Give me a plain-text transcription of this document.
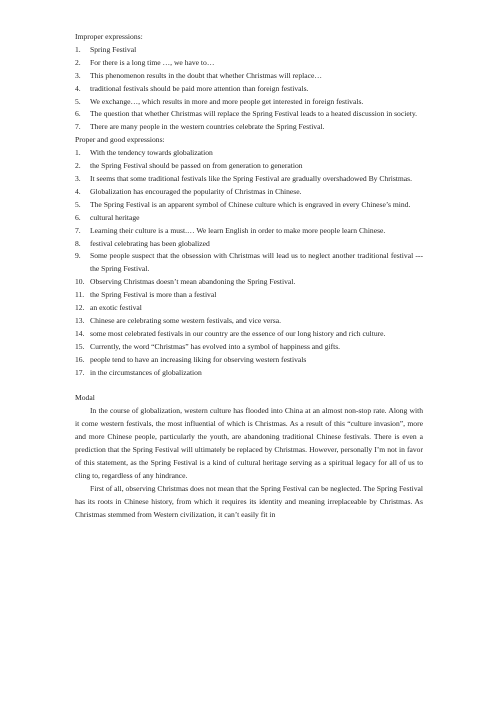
Improper expressions:
1. Spring Festival
2. For there is a long time …, we have to…
3. This phenomenon results in the doubt that whether Christmas will replace…
4. traditional festivals should be paid more attention than foreign festivals.
5. We exchange…, which results in more and more people get interested in foreign festivals.
6. The question that whether Christmas will replace the Spring Festival leads to a heated discussion in society.
7. There are many people in the western countries celebrate the Spring Festival.
Proper and good expressions:
1. With the tendency towards globalization
2. the Spring Festival should be passed on from generation to generation
3. It seems that some traditional festivals like the Spring Festival are gradually overshadowed By Christmas.
4. Globalization has encouraged the popularity of Christmas in Chinese.
5. The Spring Festival is an apparent symbol of Chinese culture which is engraved in every Chinese’s mind.
6. cultural heritage
7. Learning their culture is a must.… We learn English in order to make more people learn Chinese.
8. festival celebrating has been globalized
9. Some people suspect that the obsession with Christmas will lead us to neglect another traditional festival --- the Spring Festival.
10. Observing Christmas doesn’t mean abandoning the Spring Festival.
11. the Spring Festival is more than a festival
12. an exotic festival
13. Chinese are celebrating some western festivals, and vice versa.
14. some most celebrated festivals in our country are the essence of our long history and rich culture.
15. Currently, the word “Christmas” has evolved into a symbol of happiness and gifts.
16. people tend to have an increasing liking for observing western festivals
17. in the circumstances of globalization
Modal

In the course of globalization, western culture has flooded into China at an almost non-stop rate. Along with it come western festivals, the most influential of which is Christmas. As a result of this “culture invasion”, more and more Chinese people, particularly the youth, are abandoning traditional Chinese festivals. There is even a prediction that the Spring Festival will ultimately be replaced by Christmas. However, personally I’m not in favor of this statement, as the Spring Festival is a kind of cultural heritage serving as a spiritual legacy for all of us to cling to, regardless of any hindrance.

First of all, observing Christmas does not mean that the Spring Festival can be neglected. The Spring Festival has its roots in Chinese history, from which it requires its identity and meaning irreplaceable by Christmas. As Christmas stemmed from Western civilization, it can’t easily fit in
